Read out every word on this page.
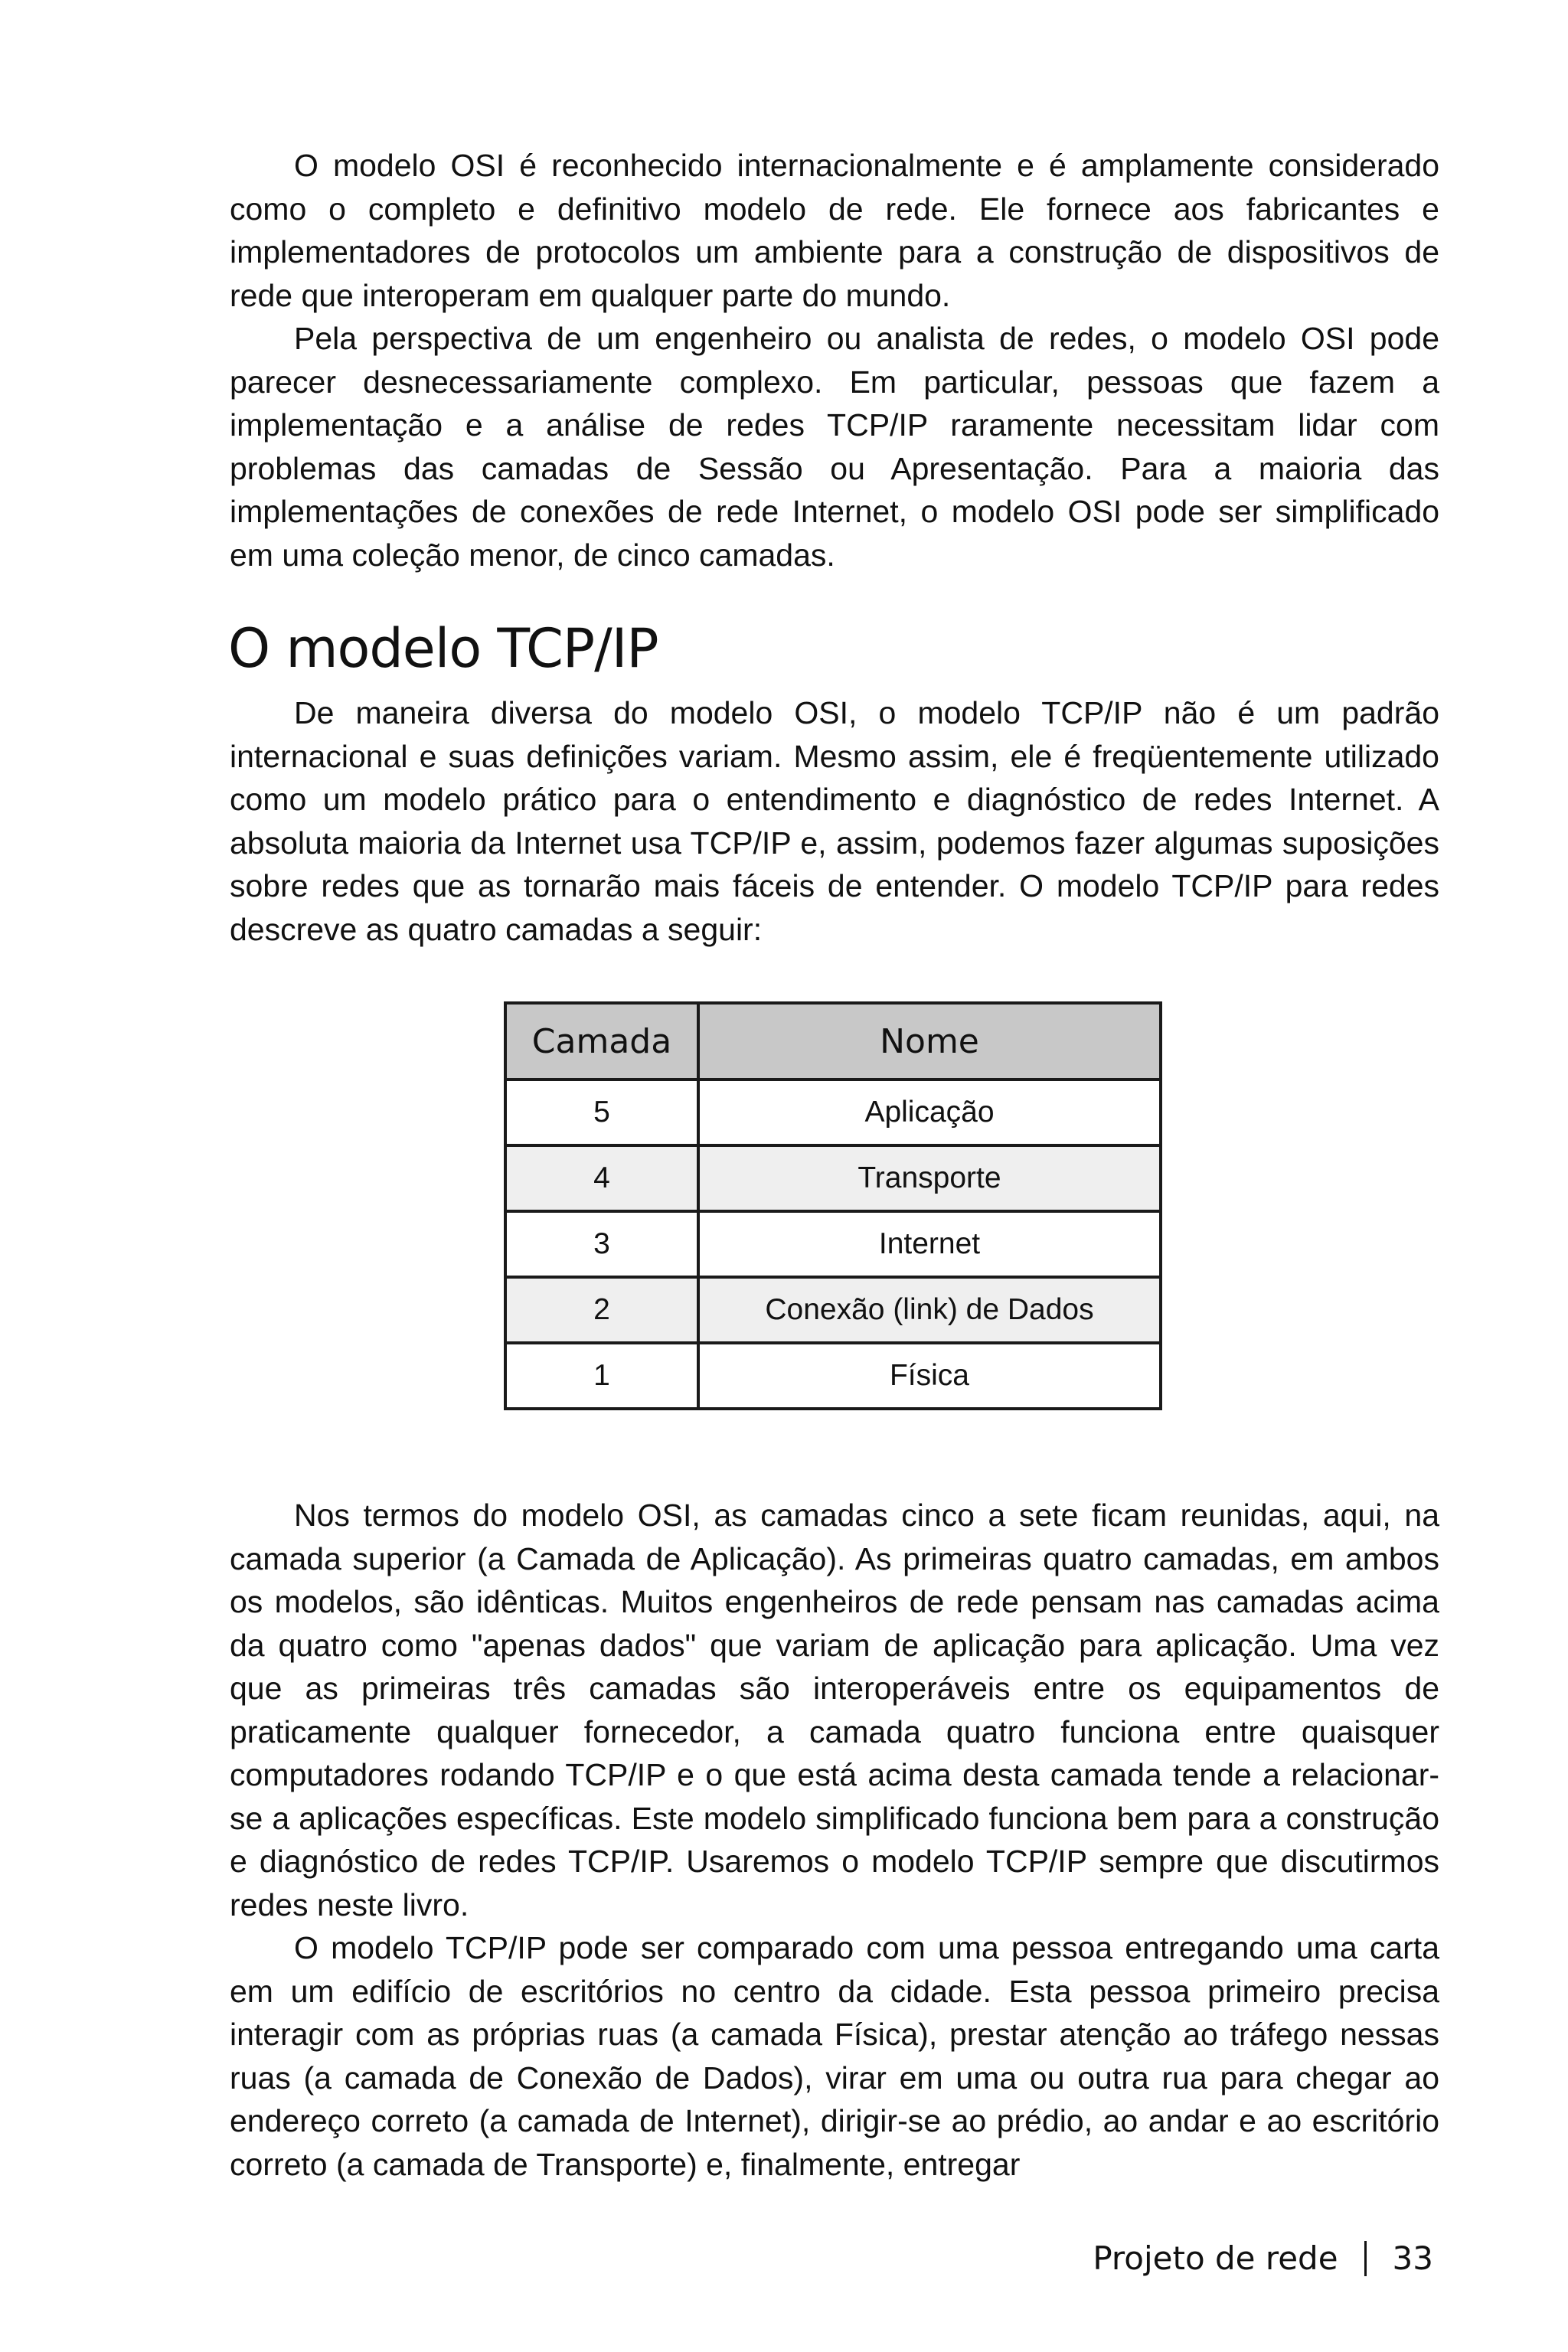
O modelo OSI é reconhecido internacionalmente e é amplamente considerado como o completo e definitivo modelo de rede. Ele fornece aos fabricantes e implementadores de protocolos um ambiente para a construção de dispositivos de rede que interoperam em qualquer parte do mundo.

Pela perspectiva de um engenheiro ou analista de redes, o modelo OSI pode parecer desnecessariamente complexo. Em particular, pessoas que fazem a implementação e a análise de redes TCP/IP raramente necessitam lidar com problemas das camadas de Sessão ou Apresentação. Para a maioria das implementações de conexões de rede Internet, o modelo OSI pode ser simplificado em uma coleção menor, de cinco camadas.

O modelo TCP/IP

De maneira diversa do modelo OSI, o modelo TCP/IP não é um padrão internacional e suas definições variam. Mesmo assim, ele é freqüentemente utilizado como um modelo prático para o entendimento e diagnóstico de redes Internet. A absoluta maioria da Internet usa TCP/IP e, assim, podemos fazer algumas suposições sobre redes que as tornarão mais fáceis de entender. O modelo TCP/IP para redes descreve as quatro camadas a seguir:

Camada	Nome
5	Aplicação
4	Transporte
3	Internet
2	Conexão (link) de Dados
1	Física

Nos termos do modelo OSI, as camadas cinco a sete ficam reunidas, aqui, na camada superior (a Camada de Aplicação). As primeiras quatro camadas, em ambos os modelos, são idênticas. Muitos engenheiros de rede pensam nas camadas acima da quatro como "apenas dados" que variam de aplicação para aplicação. Uma vez que as primeiras três camadas são interoperáveis entre os equipamentos de praticamente qualquer fornecedor, a camada quatro funciona entre quaisquer computadores rodando TCP/IP e o que está acima desta camada tende a relacionar-se a aplicações específicas. Este modelo simplificado funciona bem para a construção e diagnóstico de redes TCP/IP. Usaremos o modelo TCP/IP sempre que discutirmos redes neste livro.

O modelo TCP/IP pode ser comparado com uma pessoa entregando uma carta em um edifício de escritórios no centro da cidade. Esta pessoa primeiro precisa interagir com as próprias ruas (a camada Física), prestar atenção ao tráfego nessas ruas (a camada de Conexão de Dados), virar em uma ou outra rua para chegar ao endereço correto (a camada de Internet), dirigir-se ao prédio, ao andar e ao escritório correto (a camada de Transporte) e, finalmente, entregar

Projeto de rede 33
